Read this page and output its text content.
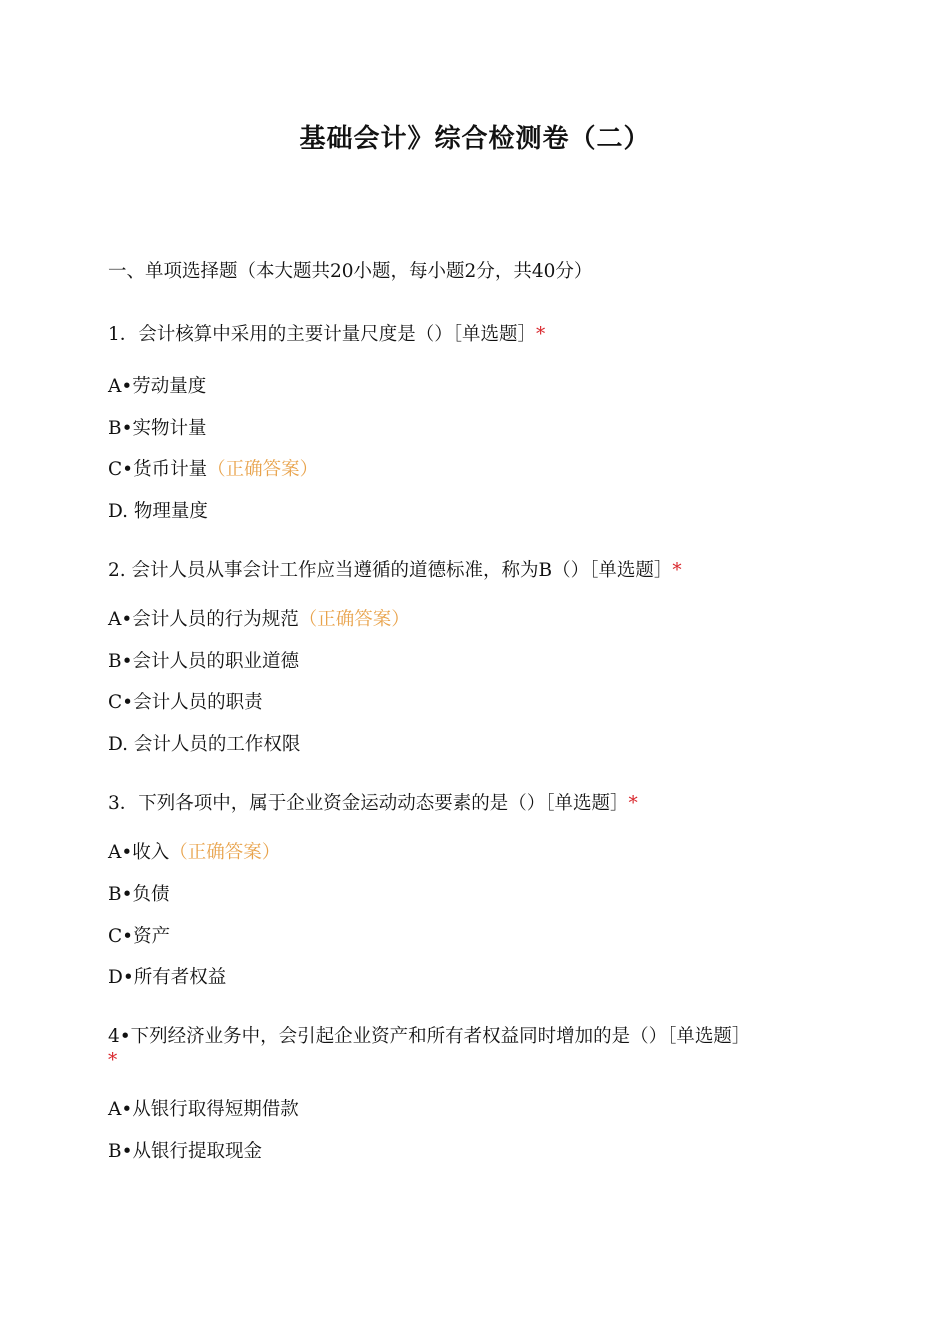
基础会计》综合检测卷（二）
一、单项选择题（本大题共20小题，每小题2分，共40分）
1．会计核算中采用的主要计量尺度是（）［单选题］*
A•劳动量度
B•实物计量
C•货币计量（正确答案）
D. 物理量度
2. 会计人员从事会计工作应当遵循的道德标准，称为B（）［单选题］*
A•会计人员的行为规范（正确答案）
B•会计人员的职业道德
C•会计人员的职责
D. 会计人员的工作权限
3．下列各项中，属于企业资金运动动态要素的是（）［单选题］*
A•收入（正确答案）
B•负债
C•资产
D•所有者权益
4•下列经济业务中，会引起企业资产和所有者权益同时增加的是（）［单选题］
*
A•从银行取得短期借款
B•从银行提取现金
